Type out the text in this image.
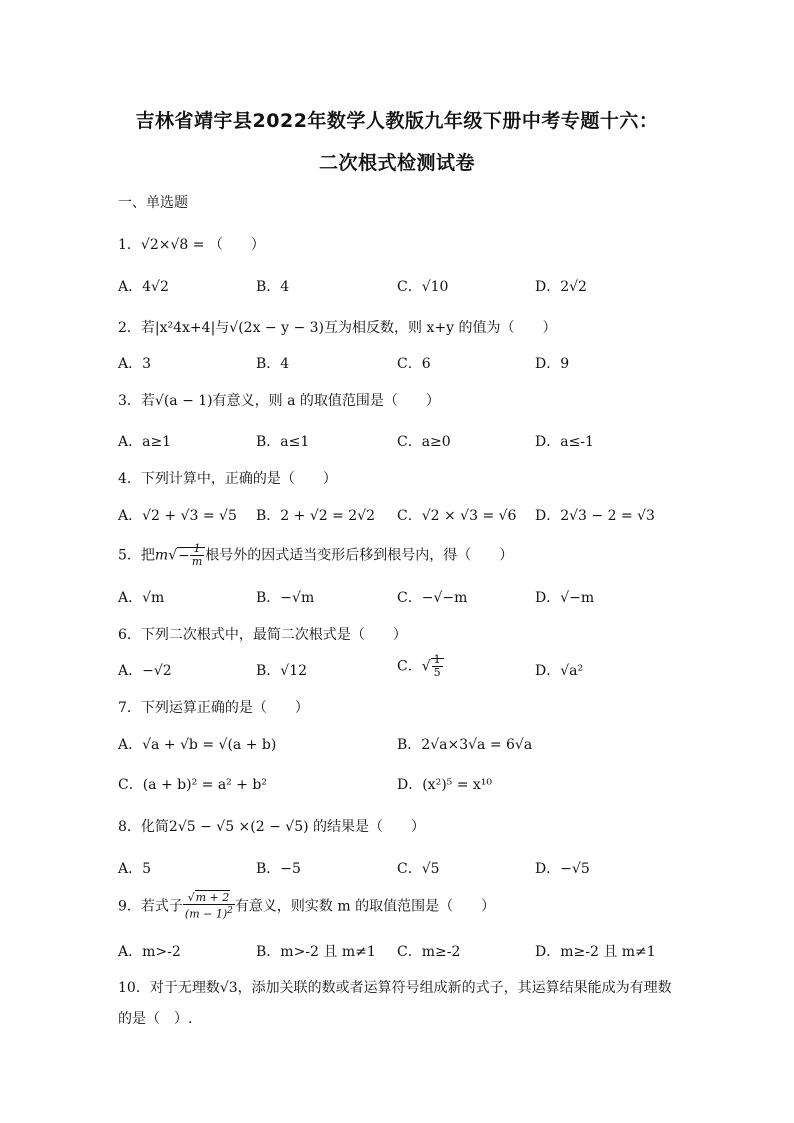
吉林省靖宇县2022年数学人教版九年级下册中考专题十六：
二次根式检测试卷
一、单选题
1．√2×√8 = （　　）
A．4√2	B．4	C．√10	D．2√2
2．若|x²4x+4|与√(2x − y − 3)互为相反数，则 x+y 的值为（　　）
A．3	B．4	C．6	D．9
3．若√(a − 1)有意义，则 a 的取值范围是（　　）
A．a≥1	B．a≤1	C．a≥0	D．a≤-1
4．下列计算中，正确的是（　　）
A．√2 + √3 = √5 B．2 + √2 = 2√2 C．√2 × √3 = √6 D．2√3 − 2 = √3
5．把$m√- \frac{1}{m}$ 根号外的因式适当变形后移到根号内，得（　　）
A．√m	B．−√m	C．−√−m	D．√−m
6．下列二次根式中，最简二次根式是（　　）
A．−√2	B．√12	C．√ $\frac{1}{5}$	D．√a²
7．下列运算正确的是（　　）
A．√a + √b = √(a + b)	B．2√a×3√a = 6√a
C．(a + b)² = a² + b²	D．(x²)⁵ = x¹⁰
8．化简2√5 − √5 ×(2 − √5) 的结果是（　　）
A．5	B．−5	C．√5	D．−√5
9．若式子 $\frac{√m + 2}{(m - 1)^2}$ 有意义，则实数 m 的取值范围是（　　）
A．m>-2	B．m>-2 且 m≠1 C．m≥-2	D．m≥-2 且 m≠1
10．对于无理数√3，添加关联的数或者运算符号组成新的式子，其运算结果能成为有理数
的是（　）.
